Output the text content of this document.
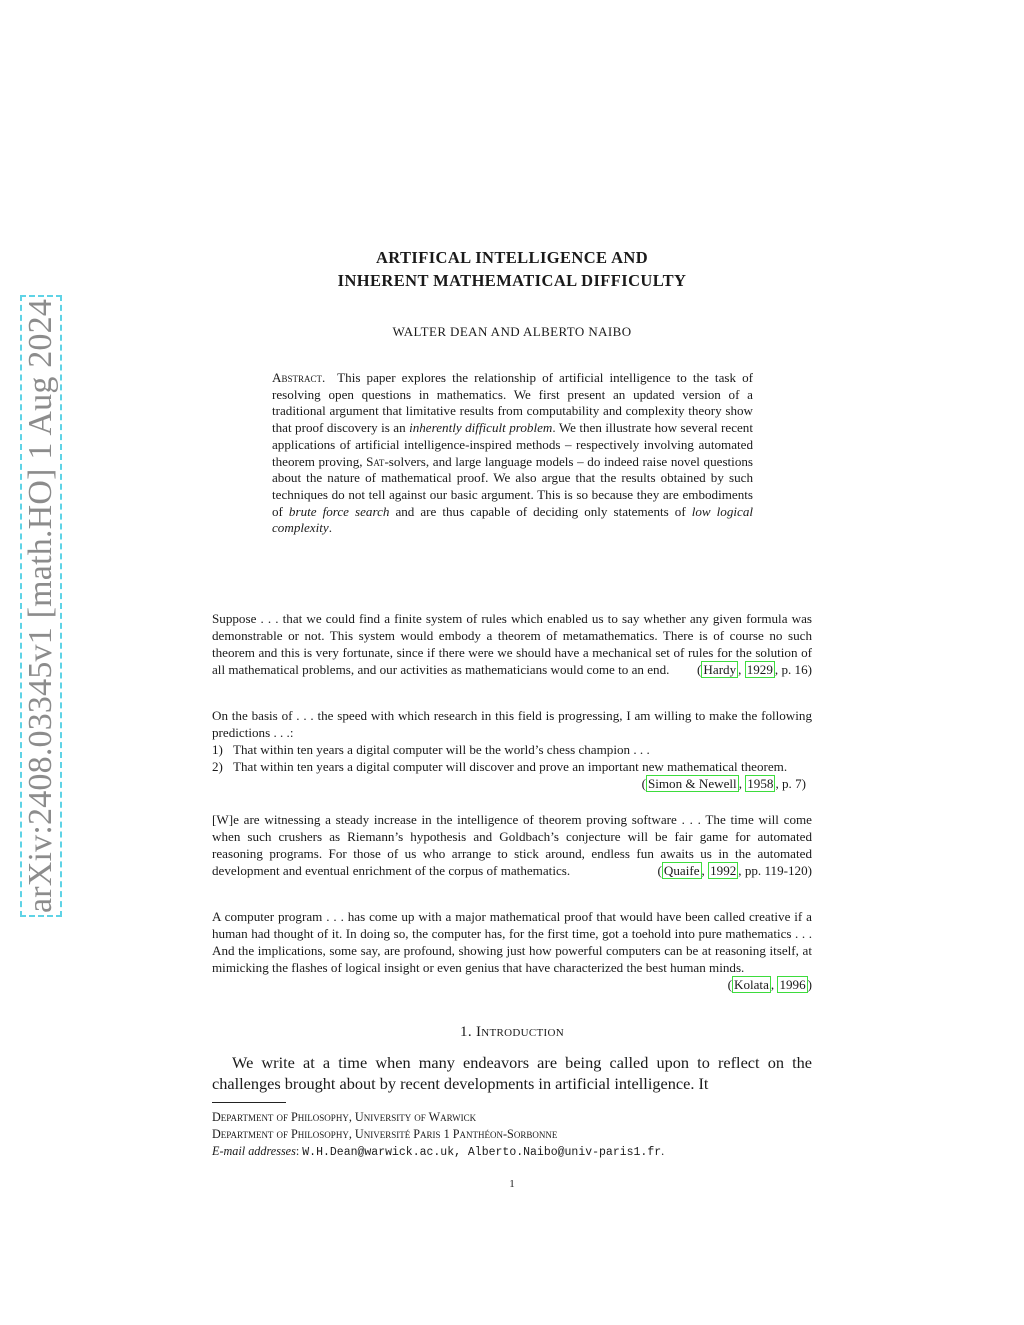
arXiv:2408.03345v1 [math.HO] 1 Aug 2024
ARTIFICAL INTELLIGENCE AND
INHERENT MATHEMATICAL DIFFICULTY
WALTER DEAN AND ALBERTO NAIBO
Abstract. This paper explores the relationship of artificial intelligence to the task of resolving open questions in mathematics. We first present an updated version of a traditional argument that limitative results from computability and complexity theory show that proof discovery is an inherently difficult problem. We then illustrate how several recent applications of artificial intelligence-inspired methods – respectively involving automated theorem proving, Sat-solvers, and large language models – do indeed raise novel questions about the nature of mathematical proof. We also argue that the results obtained by such techniques do not tell against our basic argument. This is so because they are embodiments of brute force search and are thus capable of deciding only statements of low logical complexity.
Suppose . . . that we could find a finite system of rules which enabled us to say whether any given formula was demonstrable or not. This system would embody a theorem of metamathematics. There is of course no such theorem and this is very fortunate, since if there were we should have a mechanical set of rules for the solution of all mathematical problems, and our activities as mathematicians would come to an end. ( Hardy , 1929 , p. 16)
On the basis of . . . the speed with which research in this field is progressing, I am willing to make the following predictions . . .:
1) That within ten years a digital computer will be the world’s chess champion . . .
2) That within ten years a digital computer will discover and prove an important new mathematical theorem.
( Simon & Newell , 1958 , p. 7)
[W]e are witnessing a steady increase in the intelligence of theorem proving software . . . The time will come when such crushers as Riemann’s hypothesis and Goldbach’s conjecture will be fair game for automated reasoning programs. For those of us who arrange to stick around, endless fun awaits us in the automated development and eventual enrichment of the corpus of mathematics.	( Quaife , 1992 , pp. 119-120)
A computer program . . . has come up with a major mathematical proof that would have been called creative if a human had thought of it. In doing so, the computer has, for the first time, got a toehold into pure mathematics . . . And the implications, some say, are profound, showing just how powerful computers can be at reasoning itself, at mimicking the flashes of logical insight or even genius that have characterized the best human minds.
( Kolata , 1996 )
1. Introduction
We write at a time when many endeavors are being called upon to reflect on the challenges brought about by recent developments in artificial intelligence. It
Department of Philosophy, University of Warwick
Department of Philosophy, Université Paris 1 Panthéon-Sorbonne
E-mail addresses: W.H.Dean@warwick.ac.uk, Alberto.Naibo@univ-paris1.fr.
1
